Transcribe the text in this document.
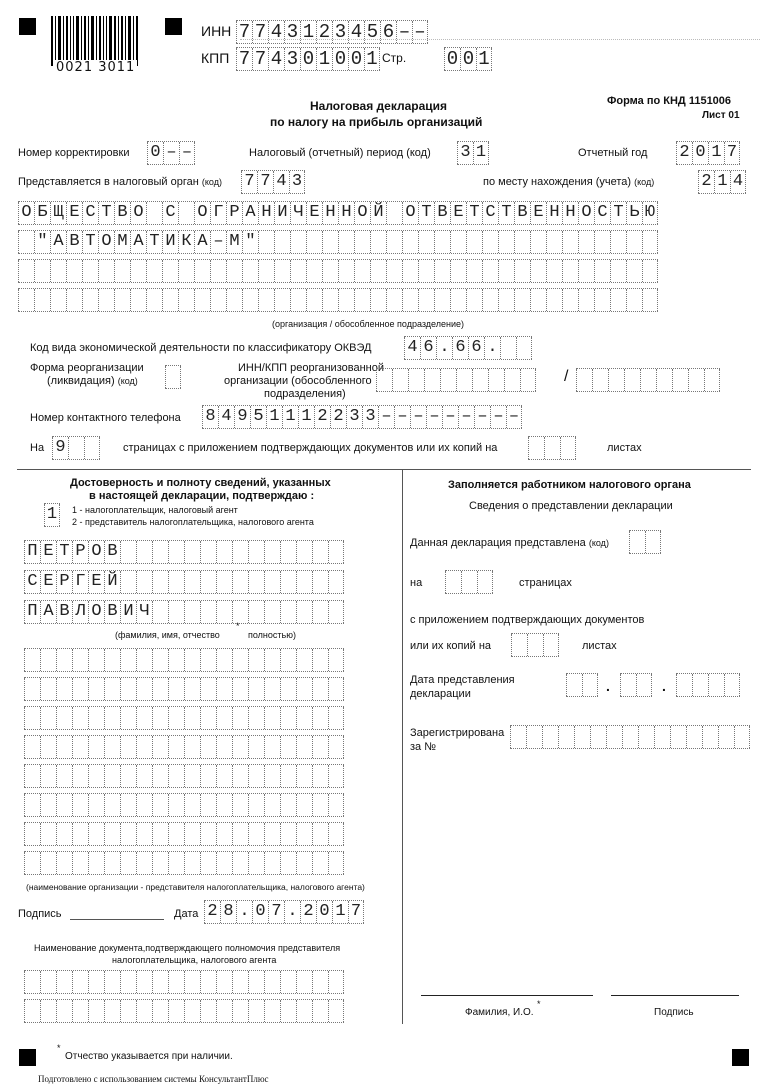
0021 3011
ИНН 7 7 4 3 1 2 3 4 5 6 – –
КПП 7 7 4 3 0 1 0 0 1 Стр. 0 0 1
Налоговая декларация
по налогу на прибыль организаций
Форма по КНД 1151006
Лист 01
Номер корректировки 0 – –	Налоговый (отчетный) период (код) 3 1	Отчетный год 2 0 1 7
Представляется в налоговый орган (код) 7 7 4 3	по месту нахождения (учета) (код)	2 1 4
О Б Щ Е С Т В О С О Г Р А Н И Ч Е Н Н О Й О Т В Е Т С Т В Е Н Н О С Т Ь Ю
" А В Т О М А Т И К А – М "
(организация / обособленное подразделение)
Код вида экономической деятельности по классификатору ОКВЭД 4 6 . 6 6 .
Форма реорганизации
(ликвидация) (код)
ИНН/КПП реорганизованной
организации (обособленного
подразделения)
/
Номер контактного телефона 8 4 9 5 1 1 1 2 2 3 3 – – – – – – – – –
На 9	страницах с приложением подтверждающих документов или их копий на	листах
Достоверность и полноту сведений, указанных
в настоящей декларации, подтверждаю :
1	1 - налогоплательщик, налоговый агент
2 - представитель налогоплательщика, налогового агента
П Е Т Р О В
С Е Р Г Е Й
П А В Л О В И Ч
(фамилия, имя, отчество
*
полностью)
(наименование организации - представителя налогоплательщика, налогового агента)
Подпись	Дата 2 8 . 0 7 . 2 0 1 7
Наименование документа,подтверждающего полномочия представителя
налогоплательщика, налогового агента
Заполняется работником налогового органа
Сведения о представлении декларации
Данная декларация представлена (код)
на	страницах
с приложением подтверждающих документов
или их копий на	листах
Дата представления
декларации	.	.
Зарегистрирована
за №
Фамилия, И.О.
*
Подпись
*
Отчество указывается при наличии.
Подготовлено с использованием системы КонсультантПлюс
